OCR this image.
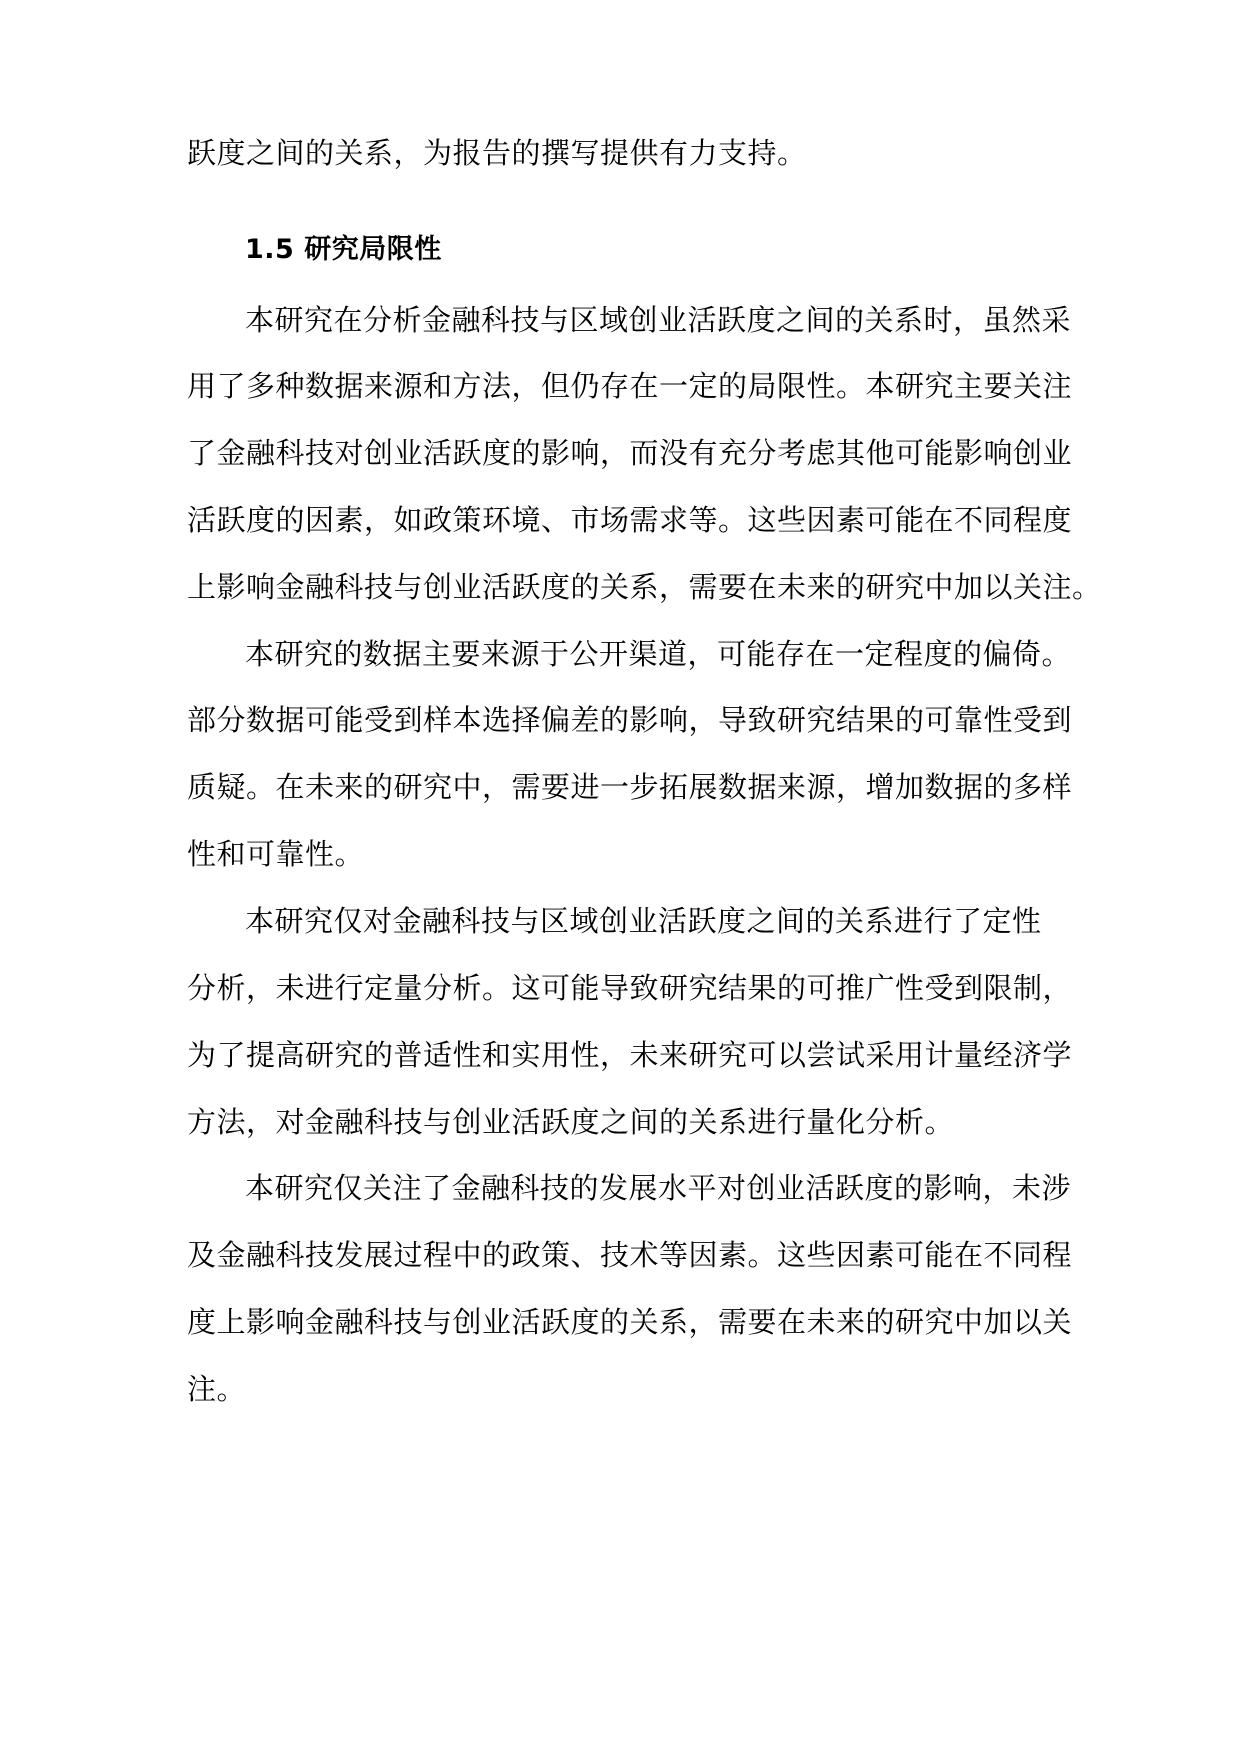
跃度之间的关系，为报告的撰写提供有力支持。
1.5 研究局限性
本研究在分析金融科技与区域创业活跃度之间的关系时，虽然采
用了多种数据来源和方法，但仍存在一定的局限性。本研究主要关注
了金融科技对创业活跃度的影响，而没有充分考虑其他可能影响创业
活跃度的因素，如政策环境、市场需求等。这些因素可能在不同程度
上影响金融科技与创业活跃度的关系，需要在未来的研究中加以关注。
本研究的数据主要来源于公开渠道，可能存在一定程度的偏倚。
部分数据可能受到样本选择偏差的影响，导致研究结果的可靠性受到
质疑。在未来的研究中，需要进一步拓展数据来源，增加数据的多样
性和可靠性。
本研究仅对金融科技与区域创业活跃度之间的关系进行了定性
分析，未进行定量分析。这可能导致研究结果的可推广性受到限制，
为了提高研究的普适性和实用性，未来研究可以尝试采用计量经济学
方法，对金融科技与创业活跃度之间的关系进行量化分析。
本研究仅关注了金融科技的发展水平对创业活跃度的影响，未涉
及金融科技发展过程中的政策、技术等因素。这些因素可能在不同程
度上影响金融科技与创业活跃度的关系，需要在未来的研究中加以关
注。
